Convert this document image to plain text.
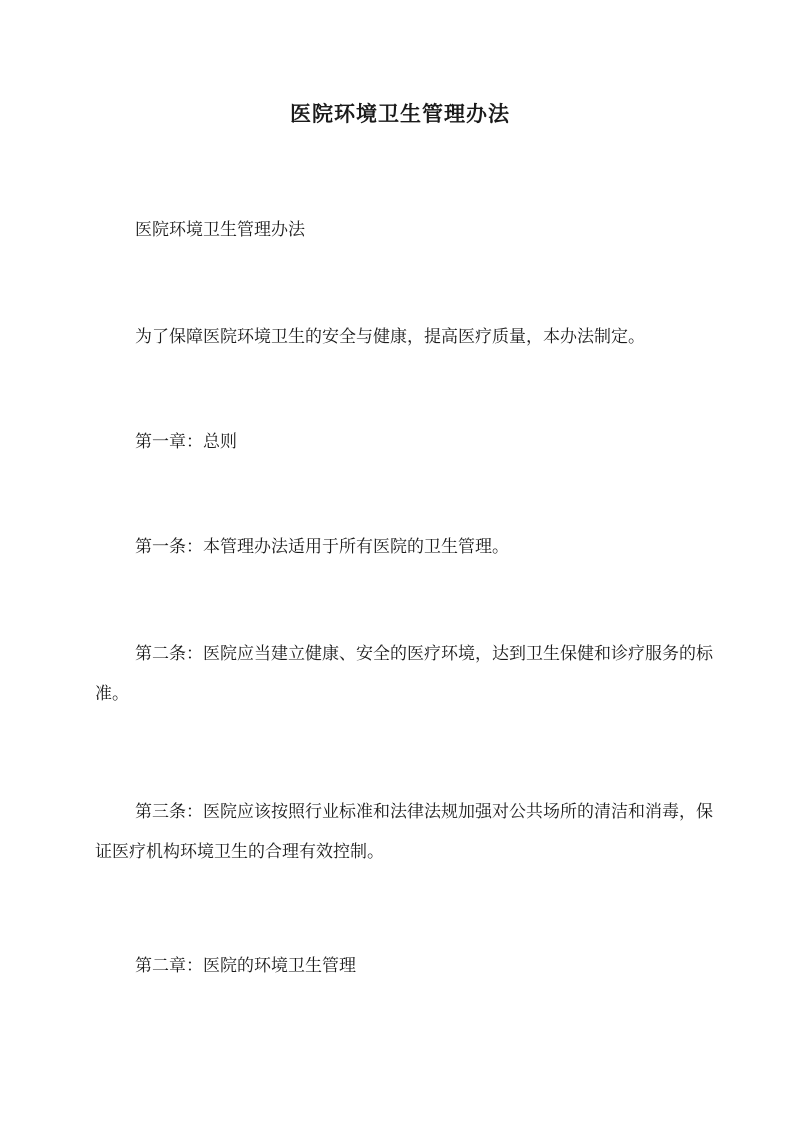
医院环境卫生管理办法

医院环境卫生管理办法

为了保障医院环境卫生的安全与健康，提高医疗质量，本办法制定。

第一章：总则

第一条：本管理办法适用于所有医院的卫生管理。

第二条：医院应当建立健康、安全的医疗环境，达到卫生保健和诊疗服务的标准。

第三条：医院应该按照行业标准和法律法规加强对公共场所的清洁和消毒，保证医疗机构环境卫生的合理有效控制。

第二章：医院的环境卫生管理
